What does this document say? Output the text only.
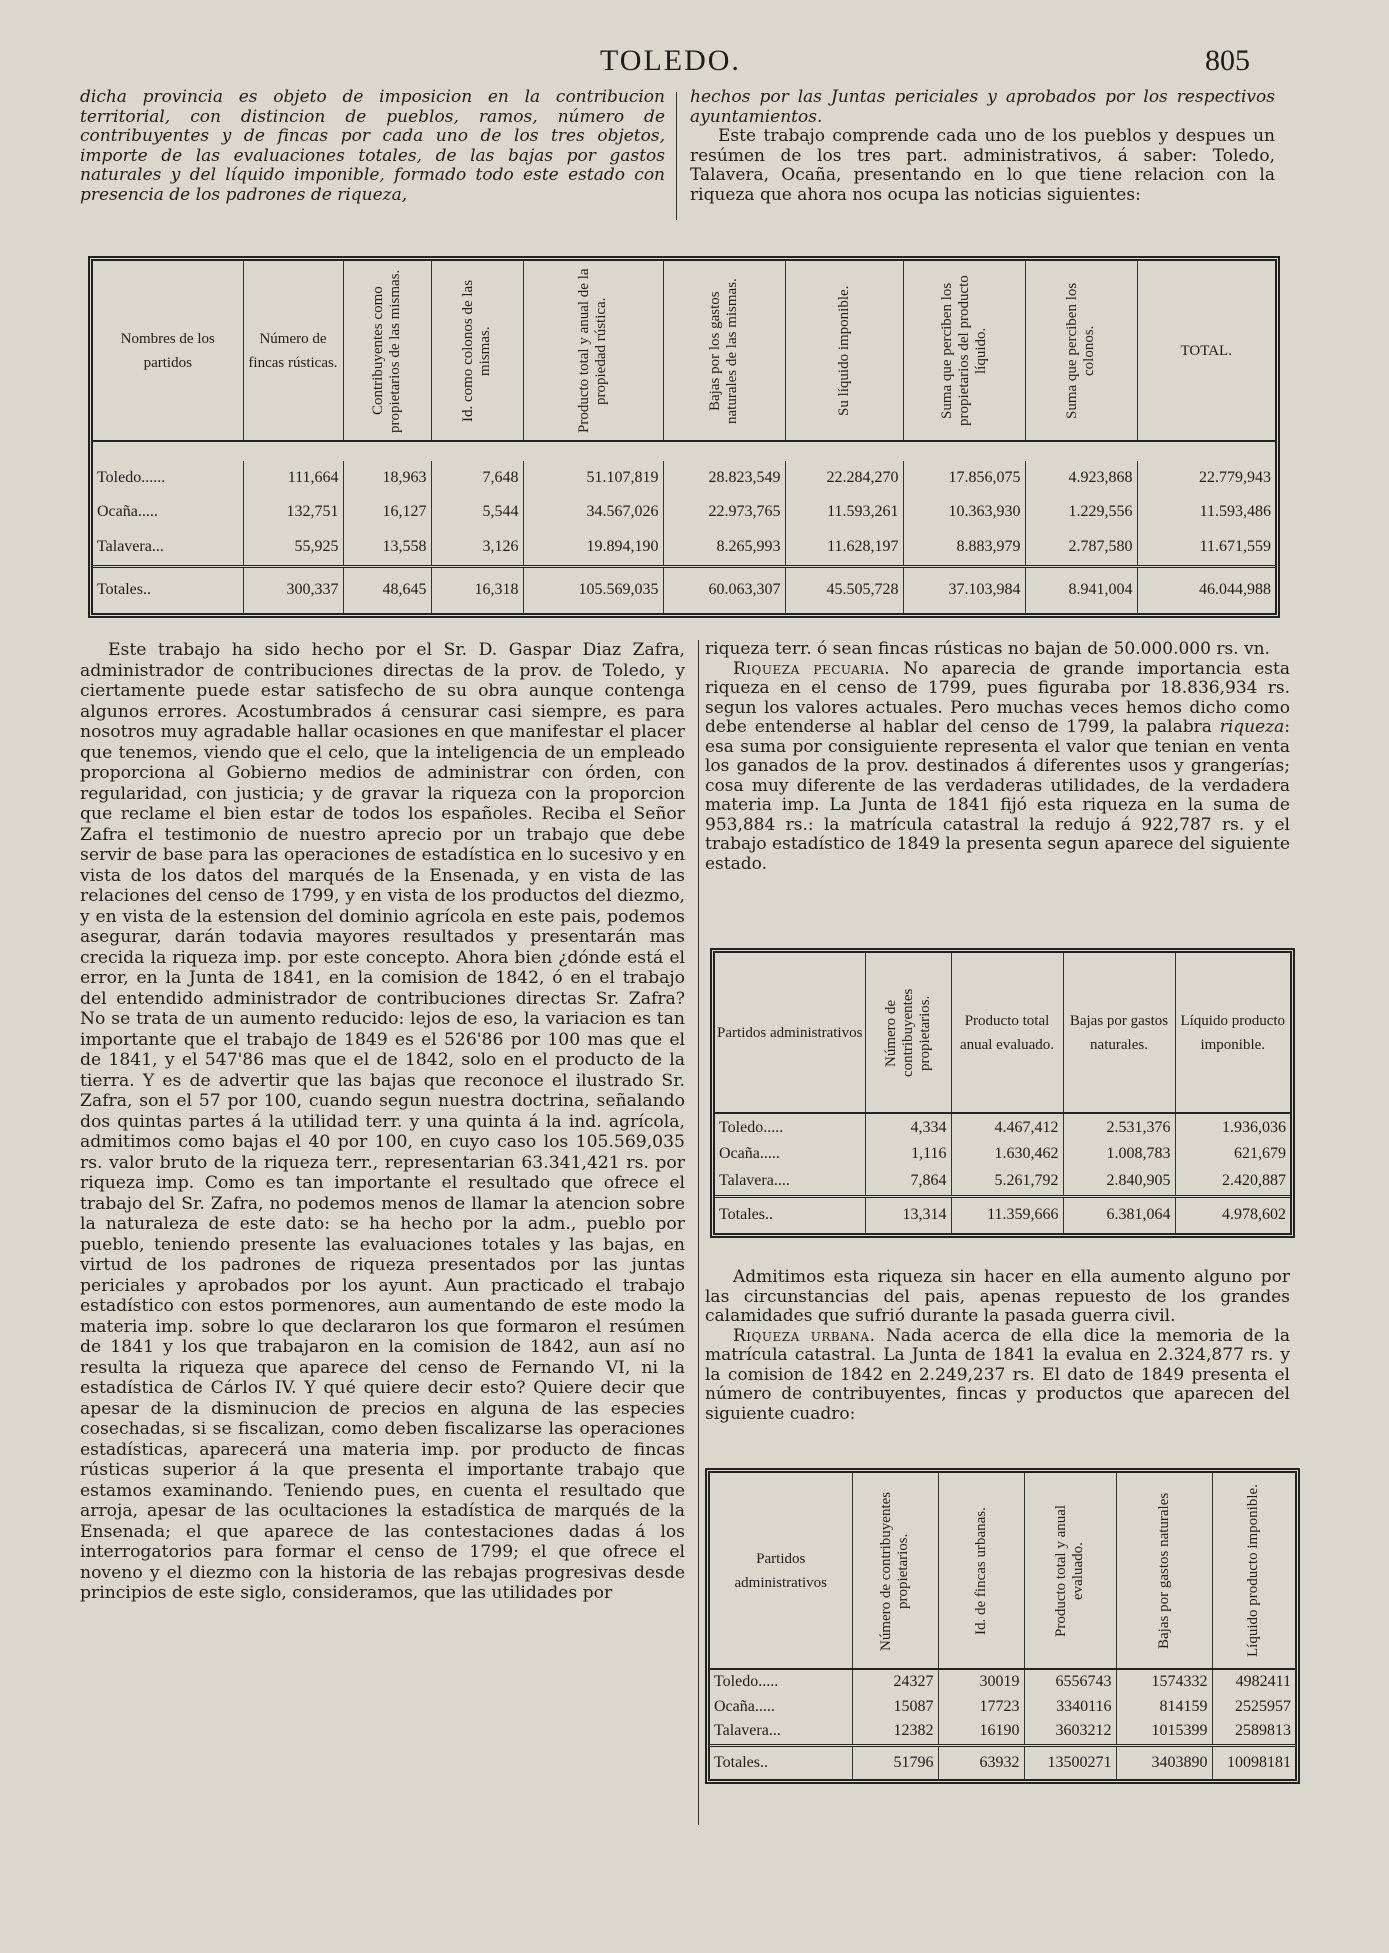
TOLEDO.	805
dicha provincia es objeto de imposicion en la contribucion territorial, con distincion de pueblos, ramos, número de contribuyentes y de fincas por cada uno de los tres objetos, importe de las evaluaciones totales, de las bajas por gastos naturales y del líquido imponible, formado todo este estado con presencia de los padrones de riqueza,

hechos por las Juntas periciales y aprobados por los respectivos ayuntamientos.

Este trabajo comprende cada uno de los pueblos y despues un resúmen de los tres part. administrativos, á saber: Toledo, Talavera, Ocaña, presentando en lo que tiene relacion con la riqueza que ahora nos ocupa las noticias siguientes:

Nombres de los partidos	Número de fincas rústicas.	Contribuyentes como propietarios de las mismas.	Id. como colonos de las mismas.	Producto total y anual de la propiedad rústica.	Bajas por los gastos naturales de las mismas.	Su líquido imponible.	Suma que perciben los propietarios del producto líquido.	Suma que perciben los colonos.	TOTAL.

Toledo......	111,664	18,963	7,648	51.107,819	28.823,549	22.284,270	17.856,075	4.923,868	22.779,943
Ocaña.....	132,751	16,127	5,544	34.567,026	22.973,765	11.593,261	10.363,930	1.229,556	11.593,486
Talavera...	55,925	13,558	3,126	19.894,190	8.265,993	11.628,197	8.883,979	2.787,580	11.671,559
Totales..	300,337	48,645	16,318	105.569,035	60.063,307	45.505,728	37.103,984	8.941,004	46.044,988

Este trabajo ha sido hecho por el Sr. D. Gaspar Diaz Zafra, administrador de contribuciones directas de la prov. de Toledo, y ciertamente puede estar satisfecho de su obra aunque contenga algunos errores. Acostumbrados á censurar casi siempre, es para nosotros muy agradable hallar ocasiones en que manifestar el placer que tenemos, viendo que el celo, que la inteligencia de un empleado proporciona al Gobierno medios de administrar con órden, con regularidad, con justicia; y de gravar la riqueza con la proporcion que reclame el bien estar de todos los españoles. Reciba el Señor Zafra el testimonio de nuestro aprecio por un trabajo que debe servir de base para las operaciones de estadística en lo sucesivo y en vista de los datos del marqués de la Ensenada, y en vista de las relaciones del censo de 1799, y en vista de los productos del diezmo, y en vista de la estension del dominio agrícola en este pais, podemos asegurar, darán todavia mayores resultados y presentarán mas crecida la riqueza imp. por este concepto. Ahora bien ¿dónde está el error, en la Junta de 1841, en la comision de 1842, ó en el trabajo del entendido administrador de contribuciones directas Sr. Zafra? No se trata de un aumento reducido: lejos de eso, la variacion es tan importante que el trabajo de 1849 es el 526'86 por 100 mas que el de 1841, y el 547'86 mas que el de 1842, solo en el producto de la tierra. Y es de advertir que las bajas que reconoce el ilustrado Sr. Zafra, son el 57 por 100, cuando segun nuestra doctrina, señalando dos quintas partes á la utilidad terr. y una quinta á la ind. agrícola, admitimos como bajas el 40 por 100, en cuyo caso los 105.569,035 rs. valor bruto de la riqueza terr., representarian 63.341,421 rs. por riqueza imp. Como es tan importante el resultado que ofrece el trabajo del Sr. Zafra, no podemos menos de llamar la atencion sobre la naturaleza de este dato: se ha hecho por la adm., pueblo por pueblo, teniendo presente las evaluaciones totales y las bajas, en virtud de los padrones de riqueza presentados por las juntas periciales y aprobados por los ayunt. Aun practicado el trabajo estadístico con estos pormenores, aun aumentando de este modo la materia imp. sobre lo que declararon los que formaron el resúmen de 1841 y los que trabajaron en la comision de 1842, aun así no resulta la riqueza que aparece del censo de Fernando VI, ni la estadística de Cárlos IV. Y qué quiere decir esto? Quiere decir que apesar de la disminucion de precios en alguna de las especies cosechadas, si se fiscalizan, como deben fiscalizarse las operaciones estadísticas, aparecerá una materia imp. por producto de fincas rústicas superior á la que presenta el importante trabajo que estamos examinando. Teniendo pues, en cuenta el resultado que arroja, apesar de las ocultaciones la estadística de marqués de la Ensenada; el que aparece de las contestaciones dadas á los interrogatorios para formar el censo de 1799; el que ofrece el noveno y el diezmo con la historia de las rebajas progresivas desde principios de este siglo, consideramos, que las utilidades por

riqueza terr. ó sean fincas rústicas no bajan de 50.000.000 rs. vn.

Riqueza pecuaria. No aparecia de grande importancia esta riqueza en el censo de 1799, pues figuraba por 18.836,934 rs. segun los valores actuales. Pero muchas veces hemos dicho como debe entenderse al hablar del censo de 1799, la palabra riqueza: esa suma por consiguiente representa el valor que tenian en venta los ganados de la prov. destinados á diferentes usos y grangerías; cosa muy diferente de las verdaderas utilidades, de la verdadera materia imp. La Junta de 1841 fijó esta riqueza en la suma de 953,884 rs.: la matrícula catastral la redujo á 922,787 rs. y el trabajo estadístico de 1849 la presenta segun aparece del siguiente estado.

Partidos administrativos	Número de contribuyentes propietarios.	Producto total anual evaluado.	Bajas por gastos naturales.	Líquido producto imponible.

Toledo.....	4,334	4.467,412	2.531,376	1.936,036
Ocaña.....	1,116	1.630,462	1.008,783	621,679
Talavera....	7,864	5.261,792	2.840,905	2.420,887
Totales..	13,314	11.359,666	6.381,064	4.978,602

Admitimos esta riqueza sin hacer en ella aumento alguno por las circunstancias del pais, apenas repuesto de los grandes calamidades que sufrió durante la pasada guerra civil.

Riqueza urbana. Nada acerca de ella dice la memoria de la matrícula catastral. La Junta de 1841 la evalua en 2.324,877 rs. y la comision de 1842 en 2.249,237 rs. El dato de 1849 presenta el número de contribuyentes, fincas y productos que aparecen del siguiente cuadro:

Partidos administrativos	Número de contribuyentes propietarios.	Id. de fincas urbanas.	Producto total y anual evaluado.	Bajas por gastos naturales	Líquido producto imponible.

Toledo.....	24327	30019	6556743	1574332	4982411
Ocaña.....	15087	17723	3340116	814159	2525957
Talavera...	12382	16190	3603212	1015399	2589813
Totales..	51796	63932	13500271	3403890	10098181
